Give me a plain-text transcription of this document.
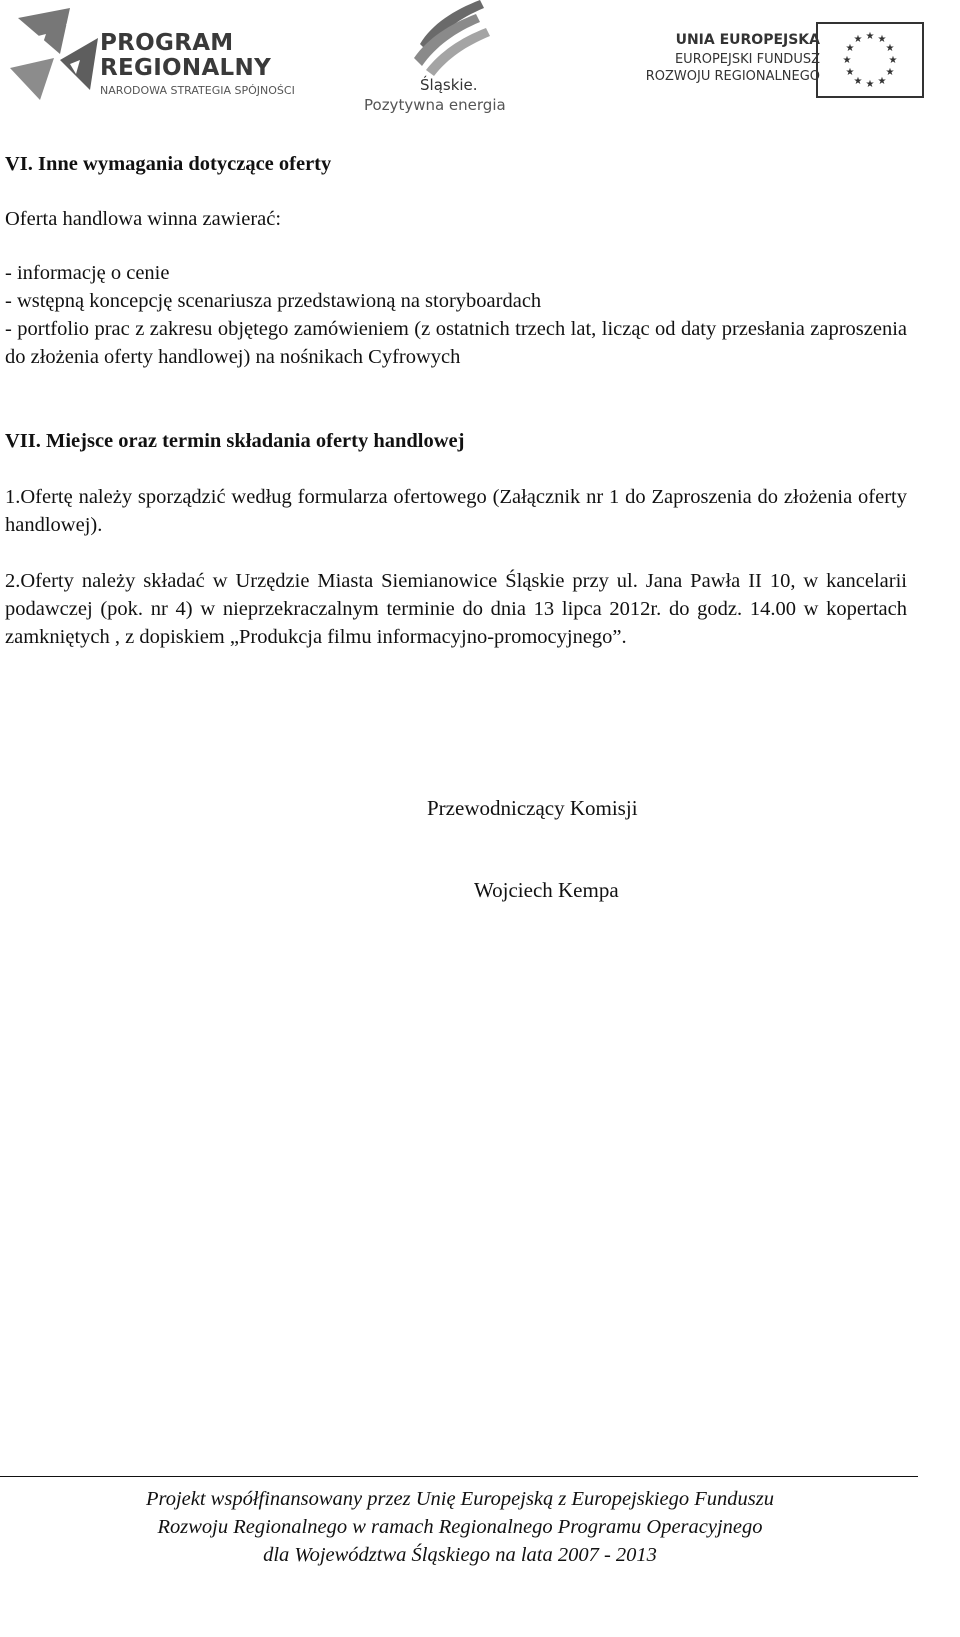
PROGRAM
REGIONALNY
NARODOWA STRATEGIA SPÓJNOŚCI	Śląskie.
Pozytywna energia
UNIA EUROPEJSKA
EUROPEJSKI FUNDUSZ
ROZWOJU REGIONALNEGO
★ ★
★
★
★
★
★
★
★
★
★
★

VI. Inne wymagania dotyczące oferty

Oferta handlowa winna zawierać:

- informację o cenie
- wstępną koncepcję scenariusza przedstawioną na storyboardach
- portfolio prac z zakresu objętego zamówieniem (z ostatnich trzech lat, licząc od daty przesłania zaproszenia do złożenia oferty handlowej) na nośnikach Cyfrowych

VII. Miejsce oraz termin składania oferty handlowej

1.Ofertę należy sporządzić według formularza ofertowego (Załącznik nr 1 do Zaproszenia do złożenia oferty handlowej).

2.Oferty należy składać w Urzędzie Miasta Siemianowice Śląskie przy ul. Jana Pawła II 10, w kancelarii podawczej (pok. nr 4) w nieprzekraczalnym terminie do dnia 13 lipca 2012r. do godz. 14.00 w kopertach zamkniętych , z dopiskiem „Produkcja filmu informacyjno-promocyjnego”.

Przewodniczący Komisji
Wojciech Kempa
Projekt współfinansowany przez Unię Europejską z Europejskiego Funduszu
Rozwoju Regionalnego w ramach Regionalnego Programu Operacyjnego
dla Województwa Śląskiego na lata 2007 - 2013
